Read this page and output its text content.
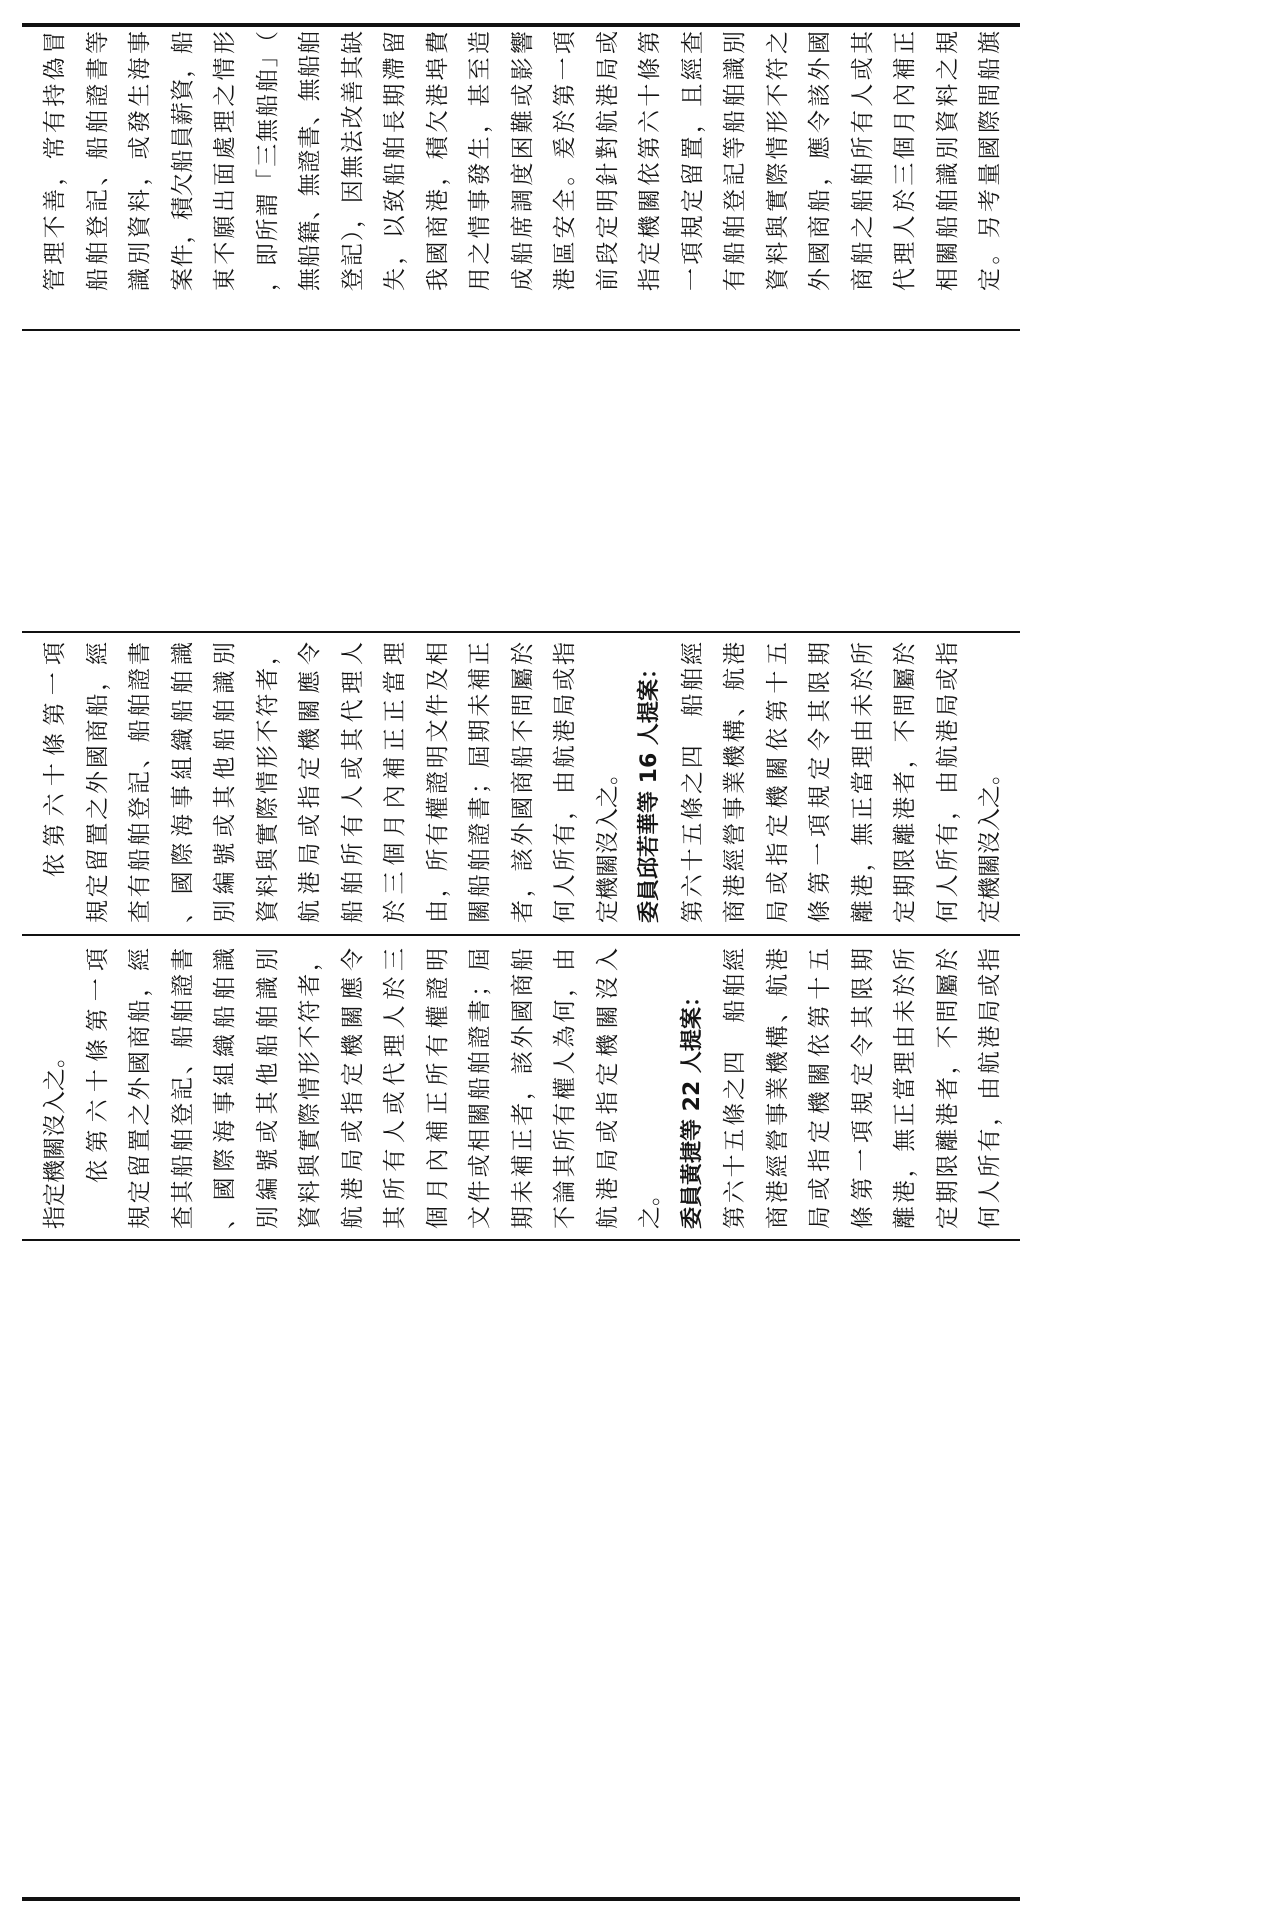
管理不善，常有持偽冒 船舶登記、船舶證書等 識別資料，或發生海事 案件，積欠船員薪資，船 東不願出面處理之情形 ，即所謂「三無船舶」（ 無船籍、無證書、無船舶 登記），因無法改善其缺 失，以致船舶長期滯留 我國商港，積欠港埠費 用之情事發生，甚至造 成船席調度困難或影響 港區安全。爰於第一項 前段定明針對航港局或 指定機關依第六十條第 一項規定留置，且經查 有船舶登記等船舶識別 資料與實際情形不符之 外國商船，應令該外國 商船之船舶所有人或其 代理人於三個月內補正 相關船舶識別資料之規 定。另考量國際間船旗
依第六十條第一項 規定留置之外國商船，經 查有船舶登記、船舶證書 、國際海事組織船舶識 別編號或其他船舶識別 資料與實際情形不符者， 航港局或指定機關應令 船舶所有人或其代理人 於三個月內補正正當理 由，所有權證明文件及相 關船舶證書；屆期未補正 者，該外國商船不問屬於 何人所有，由航港局或指 定機關沒入之。 委員邱若華等 16 人提案： 第六十五條之四　船舶經 商港經營事業機構、航港 局或指定機關依第十五 條第一項規定令其限期 離港，無正當理由未於所 定期限離港者，不問屬於 何人所有，由航港局或指 定機關沒入之。
指定機關沒入之。 依第六十條第一項 規定留置之外國商船，經 查其船舶登記、船舶證書 、國際海事組織船舶識 別編號或其他船舶識別 資料與實際情形不符者， 航港局或指定機關應令 其所有人或代理人於三 個月內補正所有權證明 文件或相關船舶證書；屆 期未補正者，該外國商船 不論其所有權人為何，由 航港局或指定機關沒入 之。 委員黃捷等 22 人提案： 第六十五條之四　船舶經 商港經營事業機構、航港 局或指定機關依第十五 條第一項規定令其限期 離港，無正當理由未於所 定期限離港者，不問屬於 何人所有，由航港局或指
